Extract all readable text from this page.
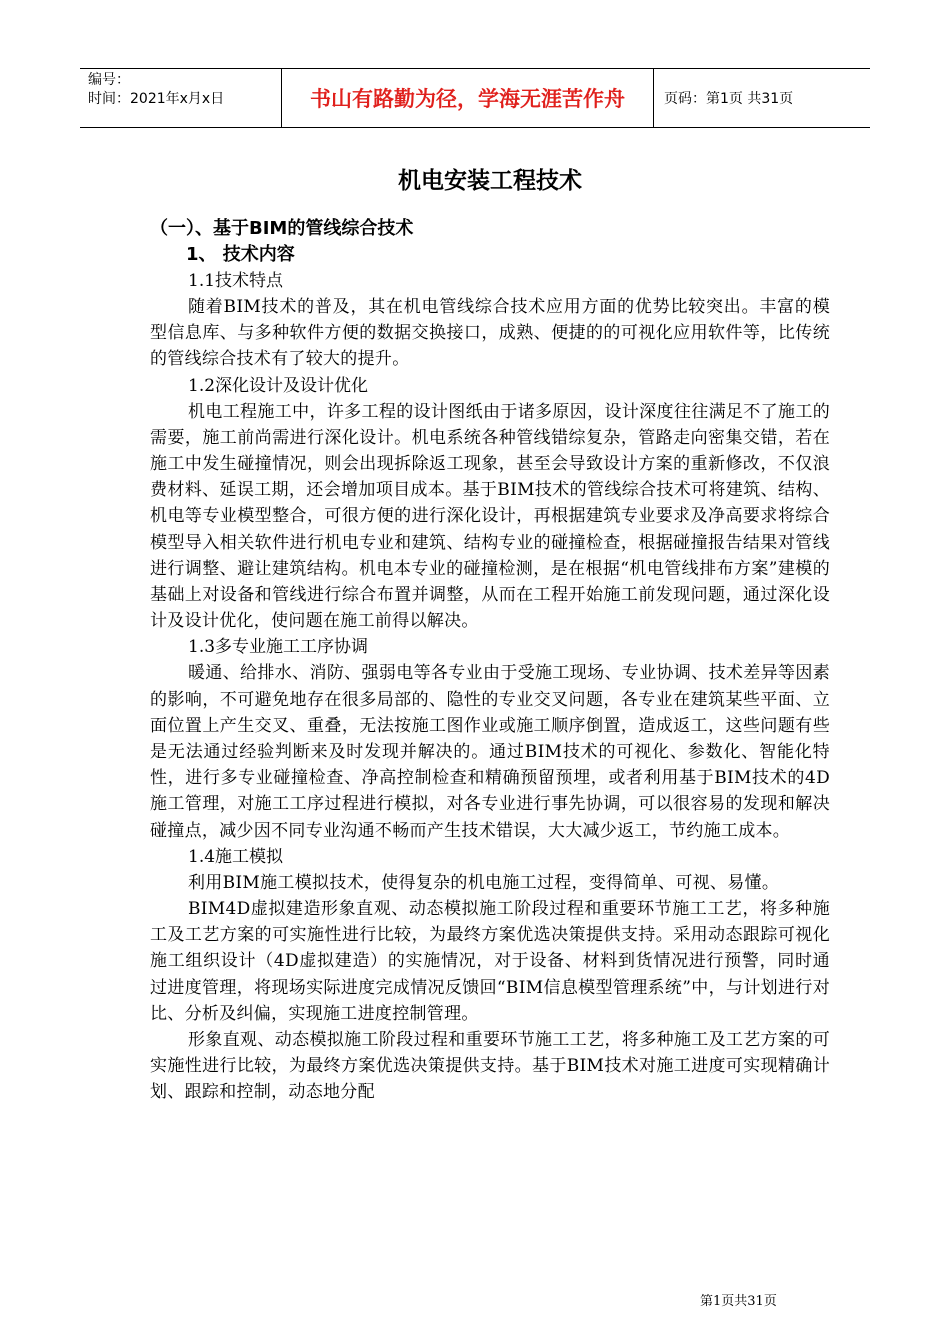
编号：
时间：2021年x月x日	书山有路勤为径，学海无涯苦作舟	页码：第1页 共31页
机电安装工程技术
（一）、基于BIM的管线综合技术
1、 技术内容
1.1技术特点
随着BIM技术的普及，其在机电管线综合技术应用方面的优势比较突出。丰富的模型信息库、与多种软件方便的数据交换接口，成熟、便捷的的可视化应用软件等，比传统的管线综合技术有了较大的提升。
1.2深化设计及设计优化
机电工程施工中，许多工程的设计图纸由于诸多原因，设计深度往往满足不了施工的需要，施工前尚需进行深化设计。机电系统各种管线错综复杂，管路走向密集交错，若在施工中发生碰撞情况，则会出现拆除返工现象，甚至会导致设计方案的重新修改，不仅浪费材料、延误工期，还会增加项目成本。基于BIM技术的管线综合技术可将建筑、结构、机电等专业模型整合，可很方便的进行深化设计，再根据建筑专业要求及净高要求将综合模型导入相关软件进行机电专业和建筑、结构专业的碰撞检查，根据碰撞报告结果对管线进行调整、避让建筑结构。机电本专业的碰撞检测，是在根据“机电管线排布方案”建模的基础上对设备和管线进行综合布置并调整，从而在工程开始施工前发现问题，通过深化设计及设计优化，使问题在施工前得以解决。
1.3多专业施工工序协调
暖通、给排水、消防、强弱电等各专业由于受施工现场、专业协调、技术差异等因素的影响，不可避免地存在很多局部的、隐性的专业交叉问题，各专业在建筑某些平面、立面位置上产生交叉、重叠，无法按施工图作业或施工顺序倒置，造成返工，这些问题有些是无法通过经验判断来及时发现并解决的。通过BIM技术的可视化、参数化、智能化特性，进行多专业碰撞检查、净高控制检查和精确预留预埋，或者利用基于BIM技术的4D施工管理，对施工工序过程进行模拟，对各专业进行事先协调，可以很容易的发现和解决碰撞点，减少因不同专业沟通不畅而产生技术错误，大大减少返工，节约施工成本。
1.4施工模拟
利用BIM施工模拟技术，使得复杂的机电施工过程，变得简单、可视、易懂。
BIM4D虚拟建造形象直观、动态模拟施工阶段过程和重要环节施工工艺，将多种施工及工艺方案的可实施性进行比较，为最终方案优选决策提供支持。采用动态跟踪可视化施工组织设计（4D虚拟建造）的实施情况，对于设备、材料到货情况进行预警，同时通过进度管理，将现场实际进度完成情况反馈回“BIM信息模型管理系统”中，与计划进行对比、分析及纠偏，实现施工进度控制管理。
形象直观、动态模拟施工阶段过程和重要环节施工工艺，将多种施工及工艺方案的可实施性进行比较，为最终方案优选决策提供支持。基于BIM技术对施工进度可实现精确计划、跟踪和控制，动态地分配
第1页共31页
